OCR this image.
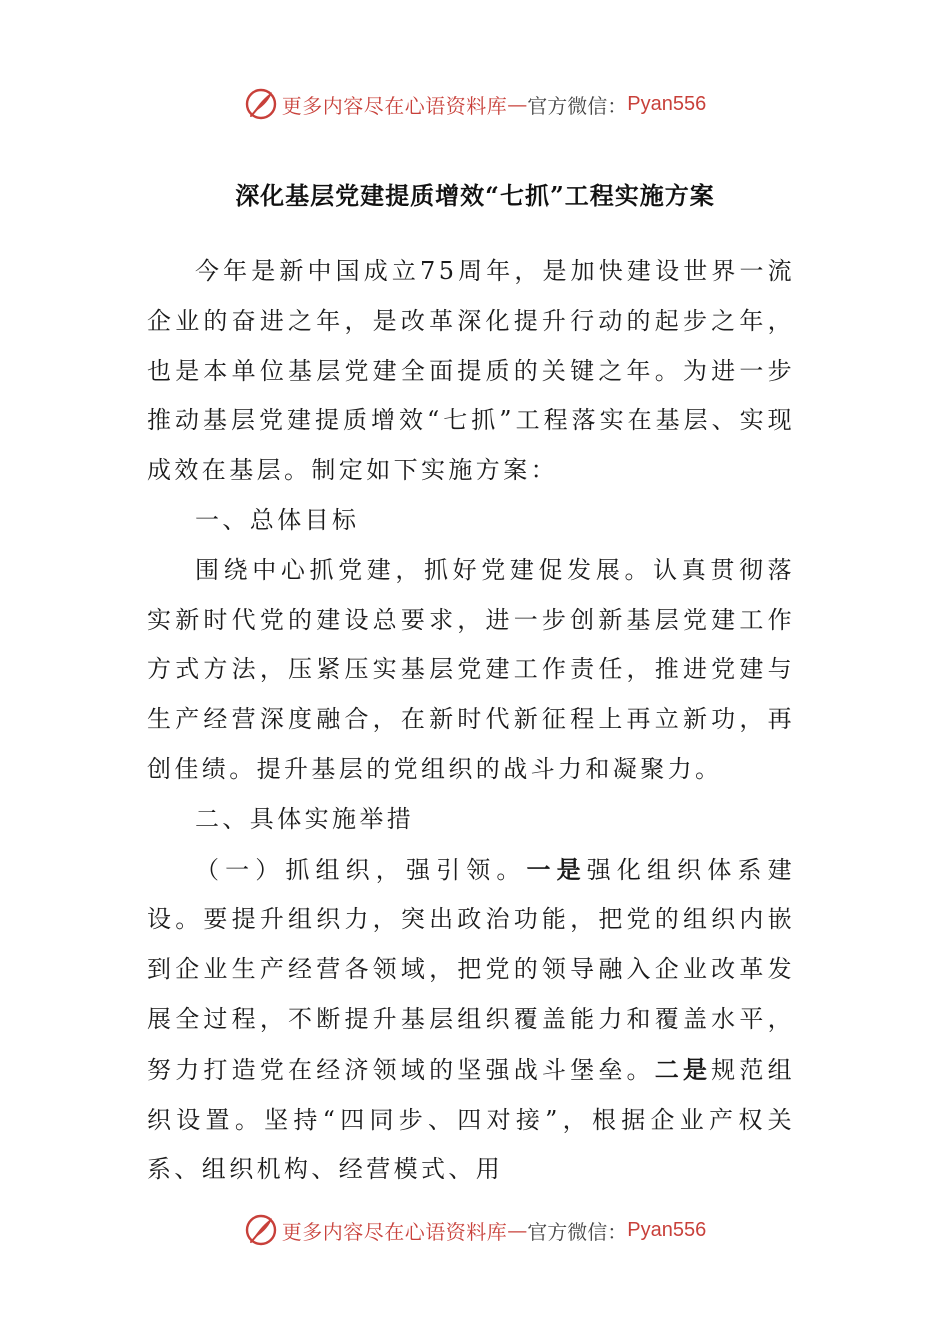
更多内容尽在心语资料库 — 官方微信： Pyan556
深化基层党建提质增效“七抓”工程实施方案

今年是新中国成立75周年，是加快建设世界一流企业的奋进之年，是改革深化提升行动的起步之年，也是本单位基层党建全面提质的关键之年。为进一步推动基层党建提质增效“七抓”工程落实在基层、实现成效在基层。制定如下实施方案：

一、总体目标

围绕中心抓党建，抓好党建促发展。认真贯彻落实新时代党的建设总要求，进一步创新基层党建工作方式方法，压紧压实基层党建工作责任，推进党建与生产经营深度融合，在新时代新征程上再立新功，再创佳绩。提升基层的党组织的战斗力和凝聚力。

二、具体实施举措

（一）抓组织，强引领。一是强化组织体系建设。要提升组织力，突出政治功能，把党的组织内嵌到企业生产经营各领域，把党的领导融入企业改革发展全过程，不断提升基层组织覆盖能力和覆盖水平，努力打造党在经济领域的坚强战斗堡垒。二是规范组织设置。坚持“四同步、四对接”，根据企业产权关系、组织机构、经营模式、用

更多内容尽在心语资料库 — 官方微信： Pyan556
